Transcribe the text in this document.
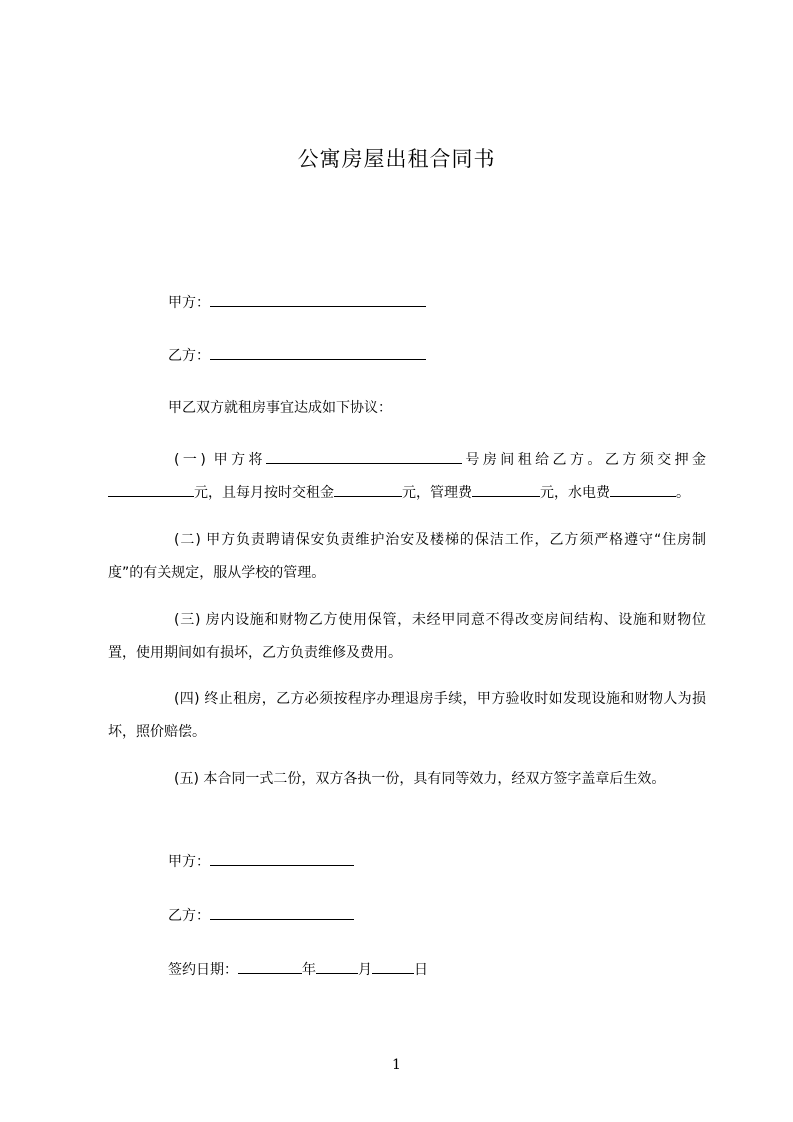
公寓房屋出租合同书
甲方：
乙方：
甲乙双方就租房事宜达成如下协议：
(一) 甲方将	号房间租给乙方。乙方须交押金元，且每月按时交租金	元，管理费	元，水电费	。
(二) 甲方负责聘请保安负责维护治安及楼梯的保洁工作，乙方须严格遵守“住房制度”的有关规定，服从学校的管理。
(三) 房内设施和财物乙方使用保管，未经甲同意不得改变房间结构、设施和财物位置，使用期间如有损坏，乙方负责维修及费用。
(四) 终止租房，乙方必须按程序办理退房手续，甲方验收时如发现设施和财物人为损坏，照价赔偿。
(五) 本合同一式二份，双方各执一份，具有同等效力，经双方签字盖章后生效。
甲方：
乙方：
签约日期：	年	月	日
1
